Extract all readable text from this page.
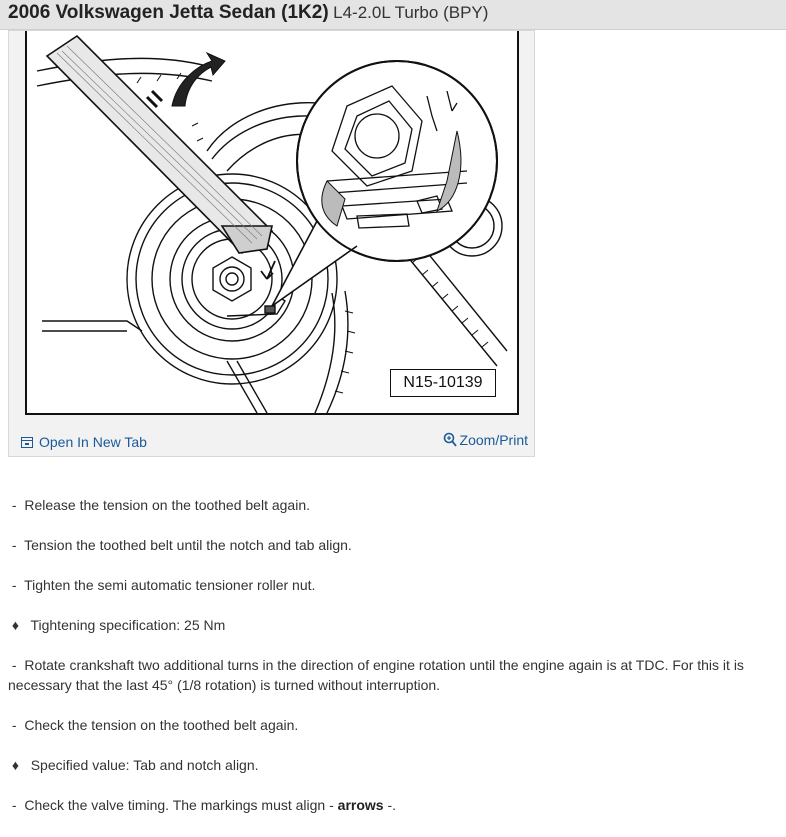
2006 Volkswagen Jetta Sedan (1K2) L4-2.0L Turbo (BPY)
N15-10139
Open In New Tab	Zoom/Print
- Release the tension on the toothed belt again.
- Tension the toothed belt until the notch and tab align.
- Tighten the semi automatic tensioner roller nut.
♦ Tightening specification: 25 Nm
- Rotate crankshaft two additional turns in the direction of engine rotation until the engine again is at TDC. For this it is necessary that the last 45° (1/8 rotation) is turned without interruption.
- Check the tension on the toothed belt again.
♦ Specified value: Tab and notch align.
- Check the valve timing. The markings must align - arrows -.
